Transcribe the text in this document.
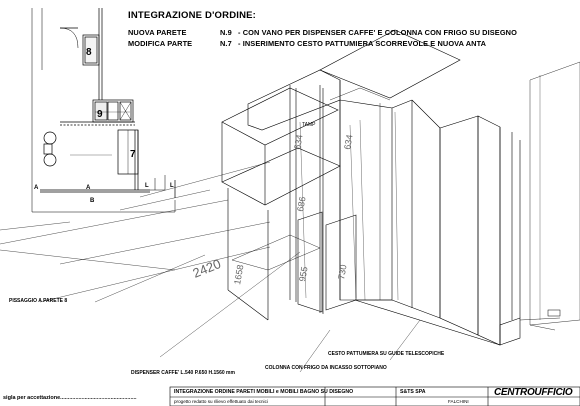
8
9
7
A	A
B
L	L
634	634
686
955	730
1658
2420
TAMP
INTEGRAZIONE D'ORDINE:
NUOVA PARETE	N.9 - CON VANO PER DISPENSER CAFFE' E COLONNA CON FRIGO SU DISEGNO
MODIFICA PARTE	N.7 - INSERIMENTO CESTO PATTUMIERA SCORREVOLE E NUOVA ANTA
PISSAGGIO A PARETE 8
DISPENSER CAFFE' L.540 P.650 H.1560 mm
COLONNA CON FRIGO DA INCASSO SOTTOPIANO
CESTO PATTUMIERA SU GUIDE TELESCOPICHE
sigla per accettazione..................................................
INTEGRAZIONE ORDINE PARETI MOBILI e MOBILI BAGNO SU DISEGNO
progetto redatto su rilievo effettuato dai tecnici
S&TS SPA
FALCHINI
CENTROUFFICIO
